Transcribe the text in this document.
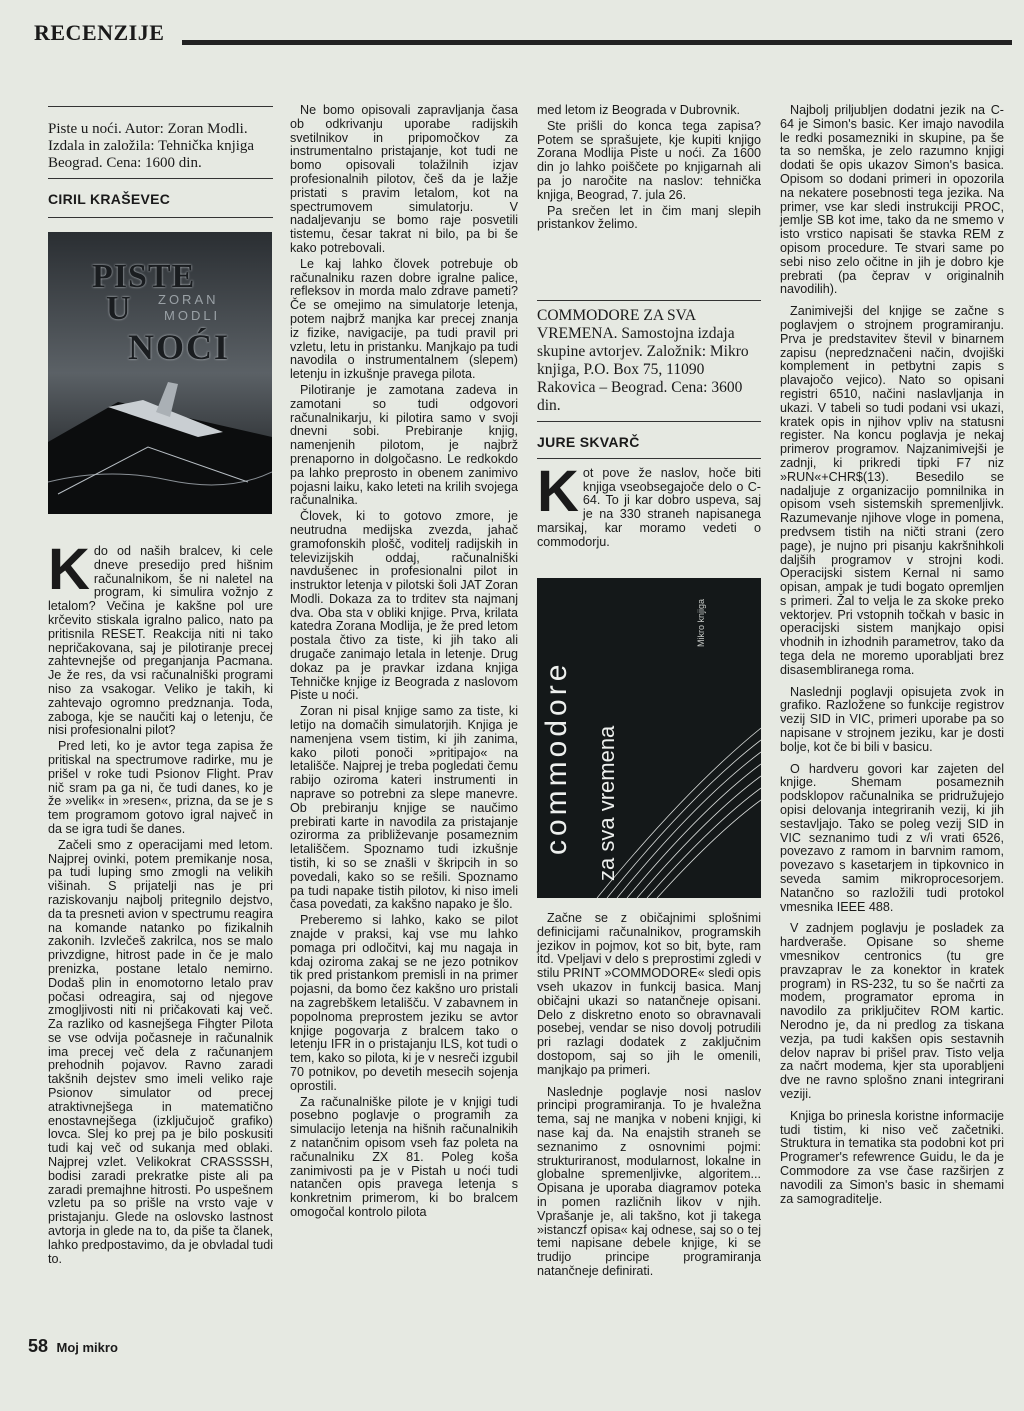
RECENZIJE
Piste u noći. Autor: Zoran Modli. Izdala in založila: Tehnička knjiga Beograd. Cena: 1600 din.
CIRIL KRAŠEVEC
PISTE
U
NOĆI
ZORAN
MODLI

Kdo od naših bralcev, ki cele dneve presedijo pred hišnim računalnikom, še ni naletel na program, ki simulira vožnjo z letalom? Večina je kakšne pol ure krčevito stiskala igralno palico, nato pa pritisnila RESET. Reakcija niti ni tako nepričakovana, saj je pilotiranje precej zahtevnejše od preganjanja Pacmana. Je že res, da vsi računalniški programi niso za vsakogar. Veliko je takih, ki zahtevajo ogromno predznanja. Toda, zaboga, kje se naučiti kaj o letenju, če nisi profesionalni pilot?

Pred leti, ko je avtor tega zapisa že pritiskal na spectrumove radirke, mu je prišel v roke tudi Psionov Flight. Prav nič sram pa ga ni, če tudi danes, ko je že »velik« in »resen«, prizna, da se je s tem programom gotovo igral največ in da se igra tudi še danes.

Začeli smo z operacijami med letom. Najprej ovinki, potem premikanje nosa, pa tudi luping smo zmogli na velikih višinah. S prijatelji nas je pri raziskovanju najbolj pritegnilo dejstvo, da ta presneti avion v spectrumu reagira na komande natanko po fizikalnih zakonih. Izvlečeš zakrilca, nos se malo privzdigne, hitrost pade in če je malo prenizka, postane letalo nemirno. Dodaš plin in enomotorno letalo prav počasi odreagira, saj od njegove zmogljivosti niti ni pričakovati kaj več. Za razliko od kasnejšega Fihgter Pilota se vse odvija počasneje in računalnik ima precej več dela z računanjem prehodnih pojavov. Ravno zaradi takšnih dejstev smo imeli veliko raje Psionov simulator od precej atraktivnejšega in matematično enostavnejšega (izključujoč grafiko) lovca. Slej ko prej pa je bilo poskusiti tudi kaj več od sukanja med oblaki. Najprej vzlet. Velikokrat CRASSSSH, bodisi zaradi prekratke piste ali pa zaradi premajhne hitrosti. Po uspešnem vzletu pa so prišle na vrsto vaje v pristajanju. Glede na oslovsko lastnost avtorja in glede na to, da piše ta članek, lahko predpostavimo, da je obvladal tudi to.

Ne bomo opisovali zapravljanja časa ob odkrivanju uporabe radijskih svetilnikov in pripomočkov za instrumentalno pristajanje, kot tudi ne bomo opisovali tolažilnih izjav profesionalnih pilotov, češ da je lažje pristati s pravim letalom, kot na spectrumovem simulatorju. V nadaljevanju se bomo raje posvetili tistemu, česar takrat ni bilo, pa bi še kako potrebovali.

Le kaj lahko človek potrebuje ob računalniku razen dobre igralne palice, refleksov in morda malo zdrave pameti? Če se omejimo na simulatorje letenja, potem najbrž manjka kar precej znanja iz fizike, navigacije, pa tudi pravil pri vzletu, letu in pristanku. Manjkajo pa tudi navodila o instrumentalnem (slepem) letenju in izkušnje pravega pilota.

Pilotiranje je zamotana zadeva in zamotani so tudi odgovori računalnikarju, ki pilotira samo v svoji dnevni sobi. Prebiranje knjig, namenjenih pilotom, je najbrž prenaporno in dolgočasno. Le redkokdo pa lahko preprosto in obenem zanimivo pojasni laiku, kako leteti na krilih svojega računalnika.

Človek, ki to gotovo zmore, je neutrudna medijska zvezda, jahač gramofonskih plošč, voditelj radijskih in televizijskih oddaj, računalniški navdušenec in profesionalni pilot in instruktor letenja v pilotski šoli JAT Zoran Modli. Dokaza za to trditev sta najmanj dva. Oba sta v obliki knjige. Prva, krilata katedra Zorana Modlija, je že pred letom postala čtivo za tiste, ki jih tako ali drugače zanimajo letala in letenje. Drug dokaz pa je pravkar izdana knjiga Tehničke knjige iz Beograda z naslovom Piste u noći.

Zoran ni pisal knjige samo za tiste, ki letijo na domačih simulatorjih. Knjiga je namenjena vsem tistim, ki jih zanima, kako piloti ponoči »pritipajo« na letališče. Najprej je treba pogledati čemu rabijo oziroma kateri instrumenti in naprave so potrebni za slepe manevre. Ob prebiranju knjige se naučimo prebirati karte in navodila za pristajanje ozirorma za približevanje posameznim letališčem. Spoznamo tudi izkušnje tistih, ki so se znašli v škripcih in so povedali, kako so se rešili. Spoznamo pa tudi napake tistih pilotov, ki niso imeli časa povedati, za kakšno napako je šlo.

Preberemo si lahko, kako se pilot znajde v praksi, kaj vse mu lahko pomaga pri odločitvi, kaj mu nagaja in kdaj oziroma zakaj se ne jezo potnikov tik pred pristankom premisli in na primer pojasni, da bomo čez kakšno uro pristali na zagrebškem letališču. V zabavnem in popolnoma preprostem jeziku se avtor knjige pogovarja z bralcem tako o letenju IFR in o pristajanju ILS, kot tudi o tem, kako so pilota, ki je v nesreči izgubil 70 potnikov, po devetih mesecih sojenja oprostili.

Za računalniške pilote je v knjigi tudi posebno poglavje o programih za simulacijo letenja na hišnih računalnikih z natančnim opisom vseh faz poleta na računalniku ZX 81. Poleg koša zanimivosti pa je v Pistah u noći tudi natančen opis pravega letenja s konkretnim primerom, ki bo bralcem omogočal kontrolo pilota

med letom iz Beograda v Dubrovnik.

Ste prišli do konca tega zapisa? Potem se sprašujete, kje kupiti knjigo Zorana Modlija Piste u noći. Za 1600 din jo lahko poiščete po knjigarnah ali pa jo naročite na naslov: tehnička knjiga, Beograd, 7. jula 26.

Pa srečen let in čim manj slepih pristankov želimo.

COMMODORE ZA SVA VREMENA. Samostojna izdaja skupine avtorjev. Založnik: Mikro knjiga, P.O. Box 75, 11090 Rakovica – Beograd. Cena: 3600 din.
JURE SKVARČ

Kot pove že naslov, hoče biti knjiga vseobsegajoče delo o C-64. To ji kar dobro uspeva, saj je na 330 straneh napisanega marsikaj, kar moramo vedeti o commodorju.

commodore za sva vremena
Mikro knjiga

Začne se z običajnimi splošnimi definicijami računalnikov, programskih jezikov in pojmov, kot so bit, byte, ram itd. Vpeljavi v delo s preprostimi zgledi v stilu PRINT »COMMODORE« sledi opis vseh ukazov in funkcij basica. Manj običajni ukazi so natančneje opisani. Delo z diskretno enoto so obravnavali posebej, vendar se niso dovolj potrudili pri razlagi dodatek z zaključnim dostopom, saj so jih le omenili, manjkajo pa primeri.

Naslednje poglavje nosi naslov principi programiranja. To je hvaležna tema, saj ne manjka v nobeni knjigi, ki nase kaj da. Na enajstih straneh se seznanimo z osnovnimi pojmi: strukturiranost, modularnost, lokalne in globalne spremenljivke, algoritem... Opisana je uporaba diagramov poteka in pomen različnih likov v njih. Vprašanje je, ali takšno, kot ji takega »istanczf opisa« kaj odnese, saj so o tej temi napisane debele knjige, ki se trudijo principe programiranja natančneje definirati.

Najbolj priljubljen dodatni jezik na C-64 je Simon's basic. Ker imajo navodila le redki posamezniki in skupine, pa še ta so nemška, je zelo razumno knjigi dodati še opis ukazov Simon's basica. Opisom so dodani primeri in opozorila na nekatere posebnosti tega jezika. Na primer, vse kar sledi instrukciji PROC, jemlje SB kot ime, tako da ne smemo v isto vrstico napisati še stavka REM z opisom procedure. Te stvari same po sebi niso zelo očitne in jih je dobro kje prebrati (pa čeprav v originalnih navodilih).

Zanimivejši del knjige se začne s poglavjem o strojnem programiranju. Prva je predstavitev števil v binarnem zapisu (nepredznačeni način, dvojiški komplement in petbytni zapis s plavajočo vejico). Nato so opisani registri 6510, načini naslavljanja in ukazi. V tabeli so tudi podani vsi ukazi, kratek opis in njihov vpliv na statusni register. Na koncu poglavja je nekaj primerov programov. Najzanimivejši je zadnji, ki prikredi tipki F7 niz »RUN«+CHR$(13). Besedilo se nadaljuje z organizacijo pomnilnika in opisom vseh sistemskih spremenljivk. Razumevanje njihove vloge in pomena, predvsem tistih na ničti strani (zero page), je nujno pri pisanju kakršnihkoli daljših programov v strojni kodi. Operacijski sistem Kernal ni samo opisan, ampak je tudi bogato opremljen s primeri. Žal to velja le za skoke preko vektorjev. Pri vstopnih točkah v basic in operacijski sistem manjkajo opisi vhodnih in izhodnih parametrov, tako da tega dela ne moremo uporabljati brez disasembliranega roma.

Naslednji poglavji opisujeta zvok in grafiko. Razložene so funkcije registrov vezij SID in VIC, primeri uporabe pa so napisane v strojnem jeziku, kar je dosti bolje, kot če bi bili v basicu.

O hardveru govori kar zajeten del knjige. Shemam posameznih podsklopov računalnika se pridružujejo opisi delovanja integriranih vezij, ki jih sestavljajo. Tako se poleg vezij SID in VIC seznanimo tudi z v/i vrati 6526, povezavo z ramom in barvnim ramom, povezavo s kasetarjem in tipkovnico in seveda samim mikroprocesorjem. Natančno so razložili tudi protokol vmesnika IEEE 488.

V zadnjem poglavju je posladek za hardveraše. Opisane so sheme vmesnikov centronics (tu gre pravzaprav le za konektor in kratek program) in RS-232, tu so še načrti za modem, programator eproma in navodilo za priključitev ROM kartic. Nerodno je, da ni predlog za tiskana vezja, pa tudi kakšen opis sestavnih delov naprav bi prišel prav. Tisto velja za načrt modema, kjer sta uporabljeni dve ne ravno splošno znani integrirani veziji.

Knjiga bo prinesla koristne informacije tudi tistim, ki niso več začetniki. Struktura in tematika sta podobni kot pri Programer's refewrence Guidu, le da je Commodore za vse čase razširjen z navodili za Simon's basic in shemami za samograditelje.

58 Moj mikro
